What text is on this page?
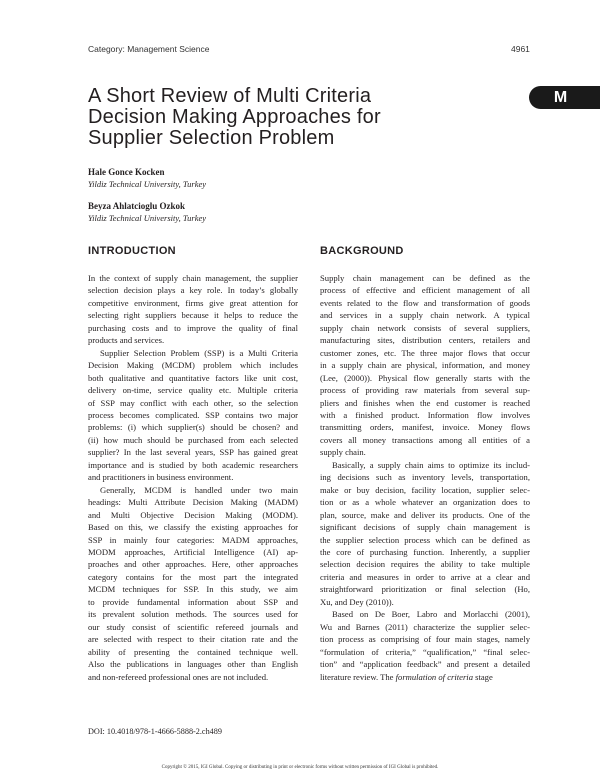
Category: Management Science	4961
M
A Short Review of Multi Criteria
Decision Making Approaches for
Supplier Selection Problem
Hale Gonce Kocken
Yildiz Technical University, Turkey
Beyza Ahlatcioglu Ozkok
Yildiz Technical University, Turkey
INTRODUCTION	BACKGROUND
In the context of supply chain management, the supplier
selection decision plays a key role. In today’s globally
competitive environment, firms give great attention for
selecting right suppliers because it helps to reduce the
purchasing costs and to improve the quality of final
products and services.
Supplier Selection Problem (SSP) is a Multi Criteria
Decision Making (MCDM) problem which includes
both qualitative and quantitative factors like unit cost,
delivery on-time, service quality etc. Multiple criteria
of SSP may conflict with each other, so the selection
process becomes complicated. SSP contains two major
problems: (i) which supplier(s) should be chosen? and
(ii) how much should be purchased from each selected
supplier? In the last several years, SSP has gained great
importance and is studied by both academic researchers
and practitioners in business environment.
Generally, MCDM is handled under two main
headings: Multi Attribute Decision Making (MADM)
and Multi Objective Decision Making (MODM).
Based on this, we classify the existing approaches for
SSP in mainly four categories: MADM approaches,
MODM approaches, Artificial Intelligence (AI) ap-
proaches and other approaches. Here, other approaches
category contains for the most part the integrated
MCDM techniques for SSP. In this study, we aim
to provide fundamental information about SSP and
its prevalent solution methods. The sources used for
our study consist of scientific refereed journals and
are selected with respect to their citation rate and the
ability of presenting the contained technique well.
Also the publications in languages other than English
and non-refereed professional ones are not included.
Supply chain management can be defined as the
process of effective and efficient management of all
events related to the flow and transformation of goods
and services in a supply chain network. A typical
supply chain network consists of several suppliers,
manufacturing sites, distribution centers, retailers and
customer zones, etc. The three major flows that occur
in a supply chain are physical, information, and money
(Lee, (2000)). Physical flow generally starts with the
process of providing raw materials from several sup-
pliers and finishes when the end customer is reached
with a finished product. Information flow involves
transmitting orders, manifest, invoice. Money flows
covers all money transactions among all entities of a
supply chain.
Basically, a supply chain aims to optimize its includ-
ing decisions such as inventory levels, transportation,
make or buy decision, facility location, supplier selec-
tion or as a whole whatever an organization does to
plan, source, make and deliver its products. One of the
significant decisions of supply chain management is
the supplier selection process which can be defined as
the core of purchasing function. Inherently, a supplier
selection decision requires the ability to take multiple
criteria and measures in order to arrive at a clear and
straightforward prioritization or final selection (Ho,
Xu, and Dey (2010)).
Based on De Boer, Labro and Morlacchi (2001),
Wu and Barnes (2011) characterize the supplier selec-
tion process as comprising of four main stages, namely
“formulation of criteria,” “qualification,” “final selec-
tion” and “application feedback” and present a detailed
literature review. The formulation of criteria stage
DOI: 10.4018/978-1-4666-5888-2.ch489
Copyright © 2015, IGI Global. Copying or distributing in print or electronic forms without written permission of IGI Global is prohibited.
